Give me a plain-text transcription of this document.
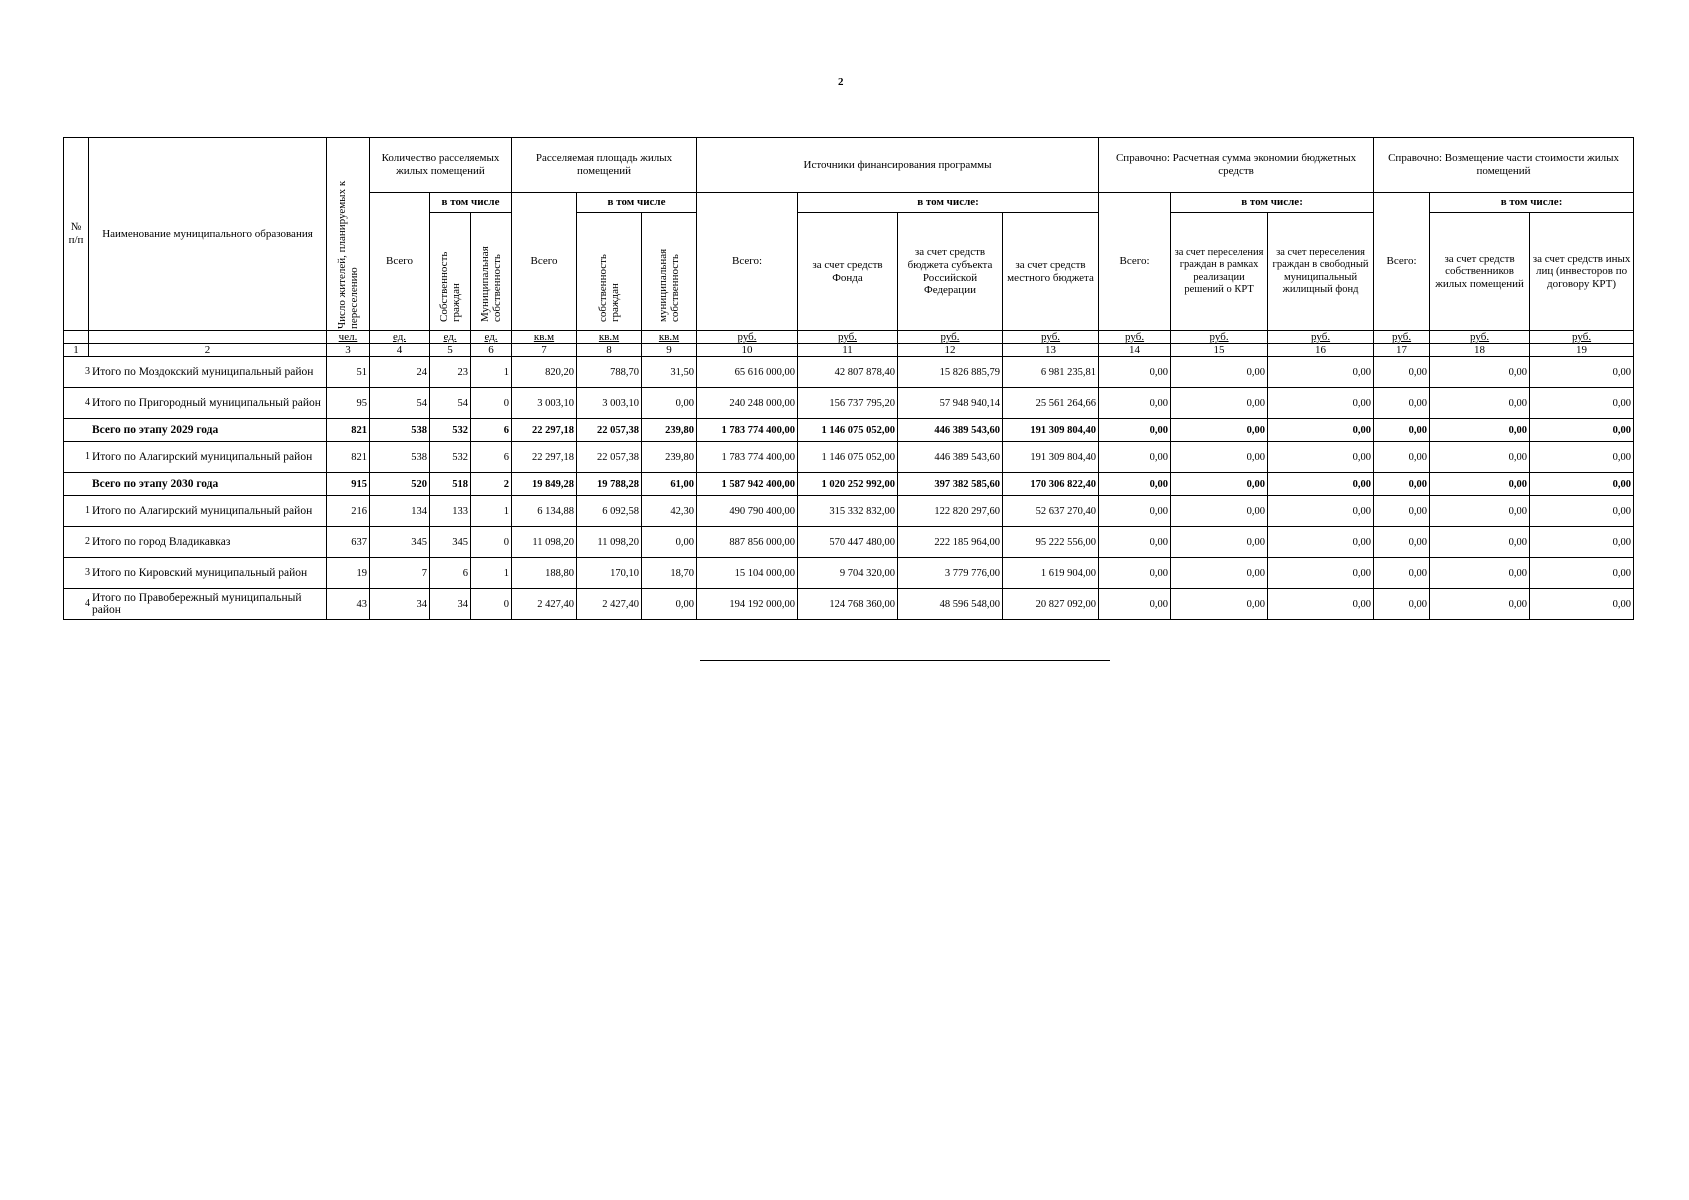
2
№ п/п	Наименование муниципального образования	Число жителей, планируемых к переселению	Количество расселяемых жилых помещений			Расселяемая площадь жилых помещений			Источники финансирования программы				Справочно: Расчетная сумма экономии бюджетных средств			Справочно: Возмещение части стоимости жилых помещений		
			Всего	в том числе		Всего	в том числе		Всего:	в том числе:			Всего:	в том числе:		Всего:	в том числе:	

				Собственность граждан	Муниципальная собственность		собственность граждан	муниципальная собственность		за счет средств Фонда	за счет средств бюджета субъекта Российской Федерации	за счет средств местного бюджета		за счет переселения граждан в рамках реализации решений о КРТ	за счет переселения граждан в свободный муниципальный жилищный фонд		за счет средств собственников жилых помещений	за счет средств иных лиц (инвесторов по договору КРТ)
		чел.	ед.	ед.	ед.	кв.м	кв.м	кв.м	руб.	руб.	руб.	руб.	руб.	руб.	руб.	руб.	руб.	руб.
1	2	3	4	5	6	7	8	9	10	11	12	13	14	15	16	17	18	19

3 Итого по Моздокский муниципальный район		51	24	23	1	820,20	788,70	31,50	65 616 000,00	42 807 878,40	15 826 885,79	6 981 235,81	0,00	0,00	0,00	0,00	0,00	0,00

4 Итого по Пригородный муниципальный район		95	54	54	0	3 003,10	3 003,10	0,00	240 248 000,00	156 737 795,20	57 948 940,14	25 561 264,66	0,00	0,00	0,00	0,00	0,00	0,00

Всего по этапу 2029 года		821	538	532	6	22 297,18	22 057,38	239,80	1 783 774 400,00	1 146 075 052,00	446 389 543,60	191 309 804,40	0,00	0,00	0,00	0,00	0,00	0,00

1 Итого по Алагирский муниципальный район		821	538	532	6	22 297,18	22 057,38	239,80	1 783 774 400,00	1 146 075 052,00	446 389 543,60	191 309 804,40	0,00	0,00	0,00	0,00	0,00	0,00

Всего по этапу 2030 года		915	520	518	2	19 849,28	19 788,28	61,00	1 587 942 400,00	1 020 252 992,00	397 382 585,60	170 306 822,40	0,00	0,00	0,00	0,00	0,00	0,00

1 Итого по Алагирский муниципальный район		216	134	133	1	6 134,88	6 092,58	42,30	490 790 400,00	315 332 832,00	122 820 297,60	52 637 270,40	0,00	0,00	0,00	0,00	0,00	0,00

2 Итого по город Владикавказ		637	345	345	0	11 098,20	11 098,20	0,00	887 856 000,00	570 447 480,00	222 185 964,00	95 222 556,00	0,00	0,00	0,00	0,00	0,00	0,00

3 Итого по Кировский муниципальный район		19	7	6	1	188,80	170,10	18,70	15 104 000,00	9 704 320,00	3 779 776,00	1 619 904,00	0,00	0,00	0,00	0,00	0,00	0,00

4 Итого по Правобережный муниципальный район		43	34	34	0	2 427,40	2 427,40	0,00	194 192 000,00	124 768 360,00	48 596 548,00	20 827 092,00	0,00	0,00	0,00	0,00	0,00	0,00
